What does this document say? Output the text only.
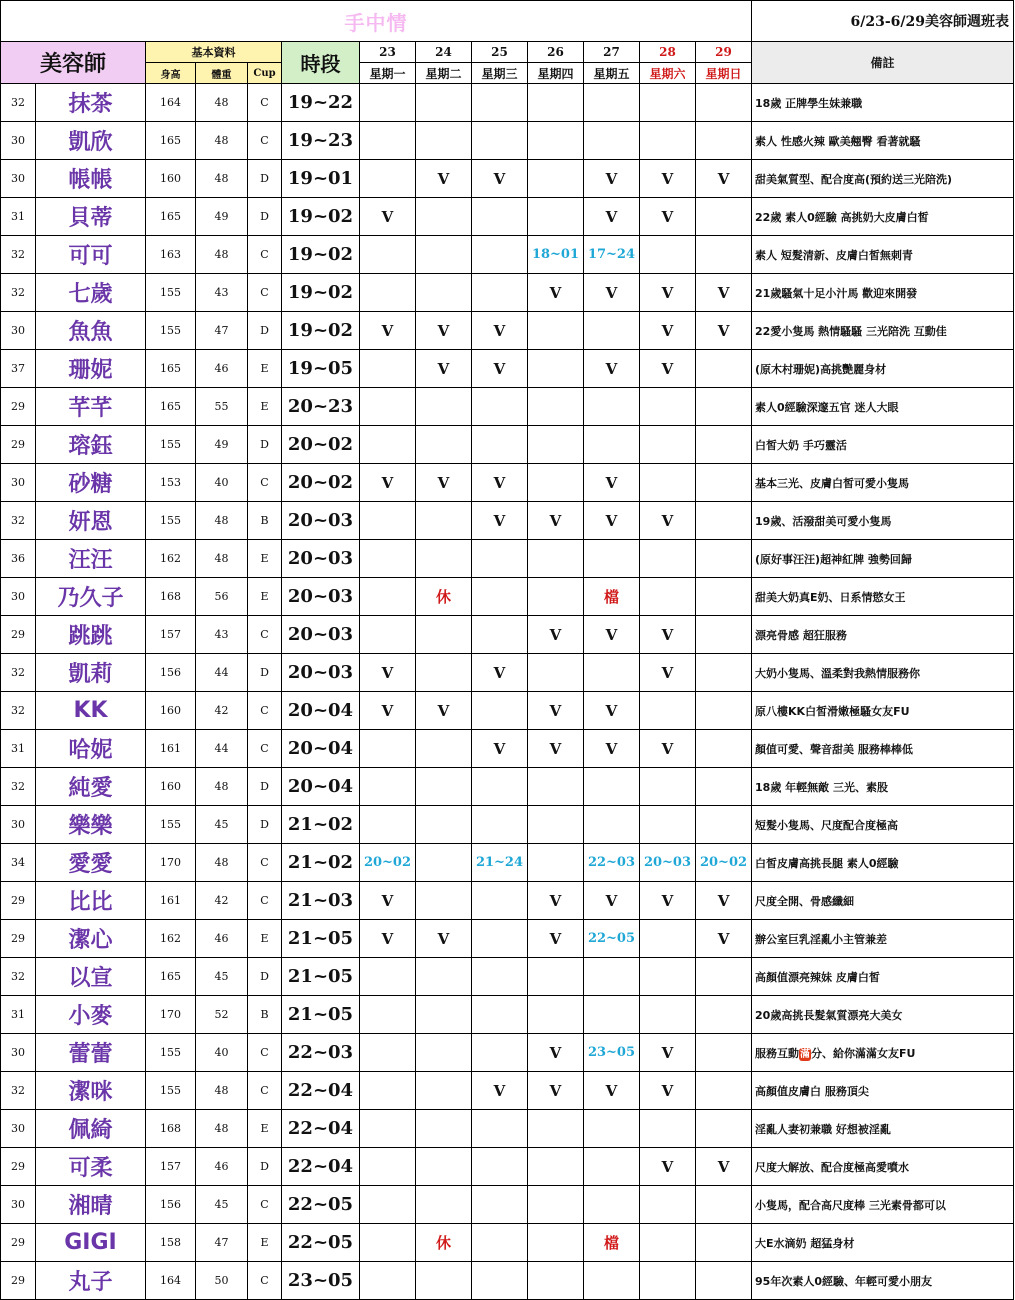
手中情													6/23-6/29美容師週班表
美容師		基本資料			時段	23	24	25	26	27	28	29	備註
		身高	體重	Cup		星期一	星期二	星期三	星期四	星期五	星期六	星期日	
32	抹茶	164	48	C	19~22								18歲 正牌學生妹兼職
30	凱欣	165	48	C	19~23								素人 性感火辣 歐美翹臀 看著就騷
30	帳帳	160	48	D	19~01		V	V		V	V	V	甜美氣質型、配合度高(預約送三光陪洗)
31	貝蒂	165	49	D	19~02	V				V	V		22歲 素人0經驗 高挑奶大皮膚白皙
32	可可	163	48	C	19~02				18~01	17~24			素人 短髮清新、皮膚白皙無刺青
32	七歲	155	43	C	19~02				V	V	V	V	21歲騷氣十足小汁馬 歡迎來開發
30	魚魚	155	47	D	19~02	V	V	V			V	V	22愛小隻馬 熱情騷騷 三光陪洗 互動佳
37	珊妮	165	46	E	19~05		V	V		V	V		(原木村珊妮)高挑艷麗身材
29	芊芊	165	55	E	20~23								素人0經驗深邃五官 迷人大眼
29	瑢鈺	155	49	D	20~02								白皙大奶 手巧靈活
30	砂糖	153	40	C	20~02	V	V	V		V			基本三光、皮膚白皙可愛小隻馬
32	妍恩	155	48	B	20~03			V	V	V	V		19歲、活潑甜美可愛小隻馬
36	汪汪	162	48	E	20~03								(原好事汪汪)超神紅牌 強勢回歸
30	乃久子	168	56	E	20~03		休			檔			甜美大奶真E奶、日系情慾女王
29	跳跳	157	43	C	20~03				V	V	V		漂亮骨感 超狂服務
32	凱莉	156	44	D	20~03	V		V			V		大奶小隻馬、溫柔對我熱情服務你
32	KK	160	42	C	20~04	V	V		V	V			原八樓KK白皙滑嫩極騷女友FU
31	哈妮	161	44	C	20~04			V	V	V	V		顏值可愛、聲音甜美 服務棒棒低
32	純愛	160	48	D	20~04								18歲 年輕無敵 三光、素股
30	樂樂	155	45	D	21~02								短髮小隻馬、尺度配合度極高
34	愛愛	170	48	C	21~02	20~02		21~24		22~03	20~03	20~02	白皙皮膚高挑長腿 素人0經驗
29	比比	161	42	C	21~03	V			V	V	V	V	尺度全開、骨感纖細
29	潔心	162	46	E	21~05	V	V		V	22~05		V	辦公室巨乳淫亂小主管兼差
32	以宣	165	45	D	21~05								高顏值漂亮辣妹 皮膚白皙
31	小麥	170	52	B	21~05								20歲高挑長髮氣質漂亮大美女
30	蕾蕾	155	40	C	22~03				V	23~05	V		服務互動滿分、給你滿滿女友FU
32	潔咪	155	48	C	22~04			V	V	V	V		高顏值皮膚白 服務頂尖
30	佩綺	168	48	E	22~04								淫亂人妻初兼職 好想被淫亂
29	可柔	157	46	D	22~04						V	V	尺度大解放、配合度極高愛噴水
30	湘晴	156	45	C	22~05								小隻馬，配合高尺度棒 三光素骨都可以
29	GIGI	158	47	E	22~05		休			檔			大E水滴奶 超猛身材
29	丸子	164	50	C	23~05								95年次素人0經驗、年輕可愛小朋友
